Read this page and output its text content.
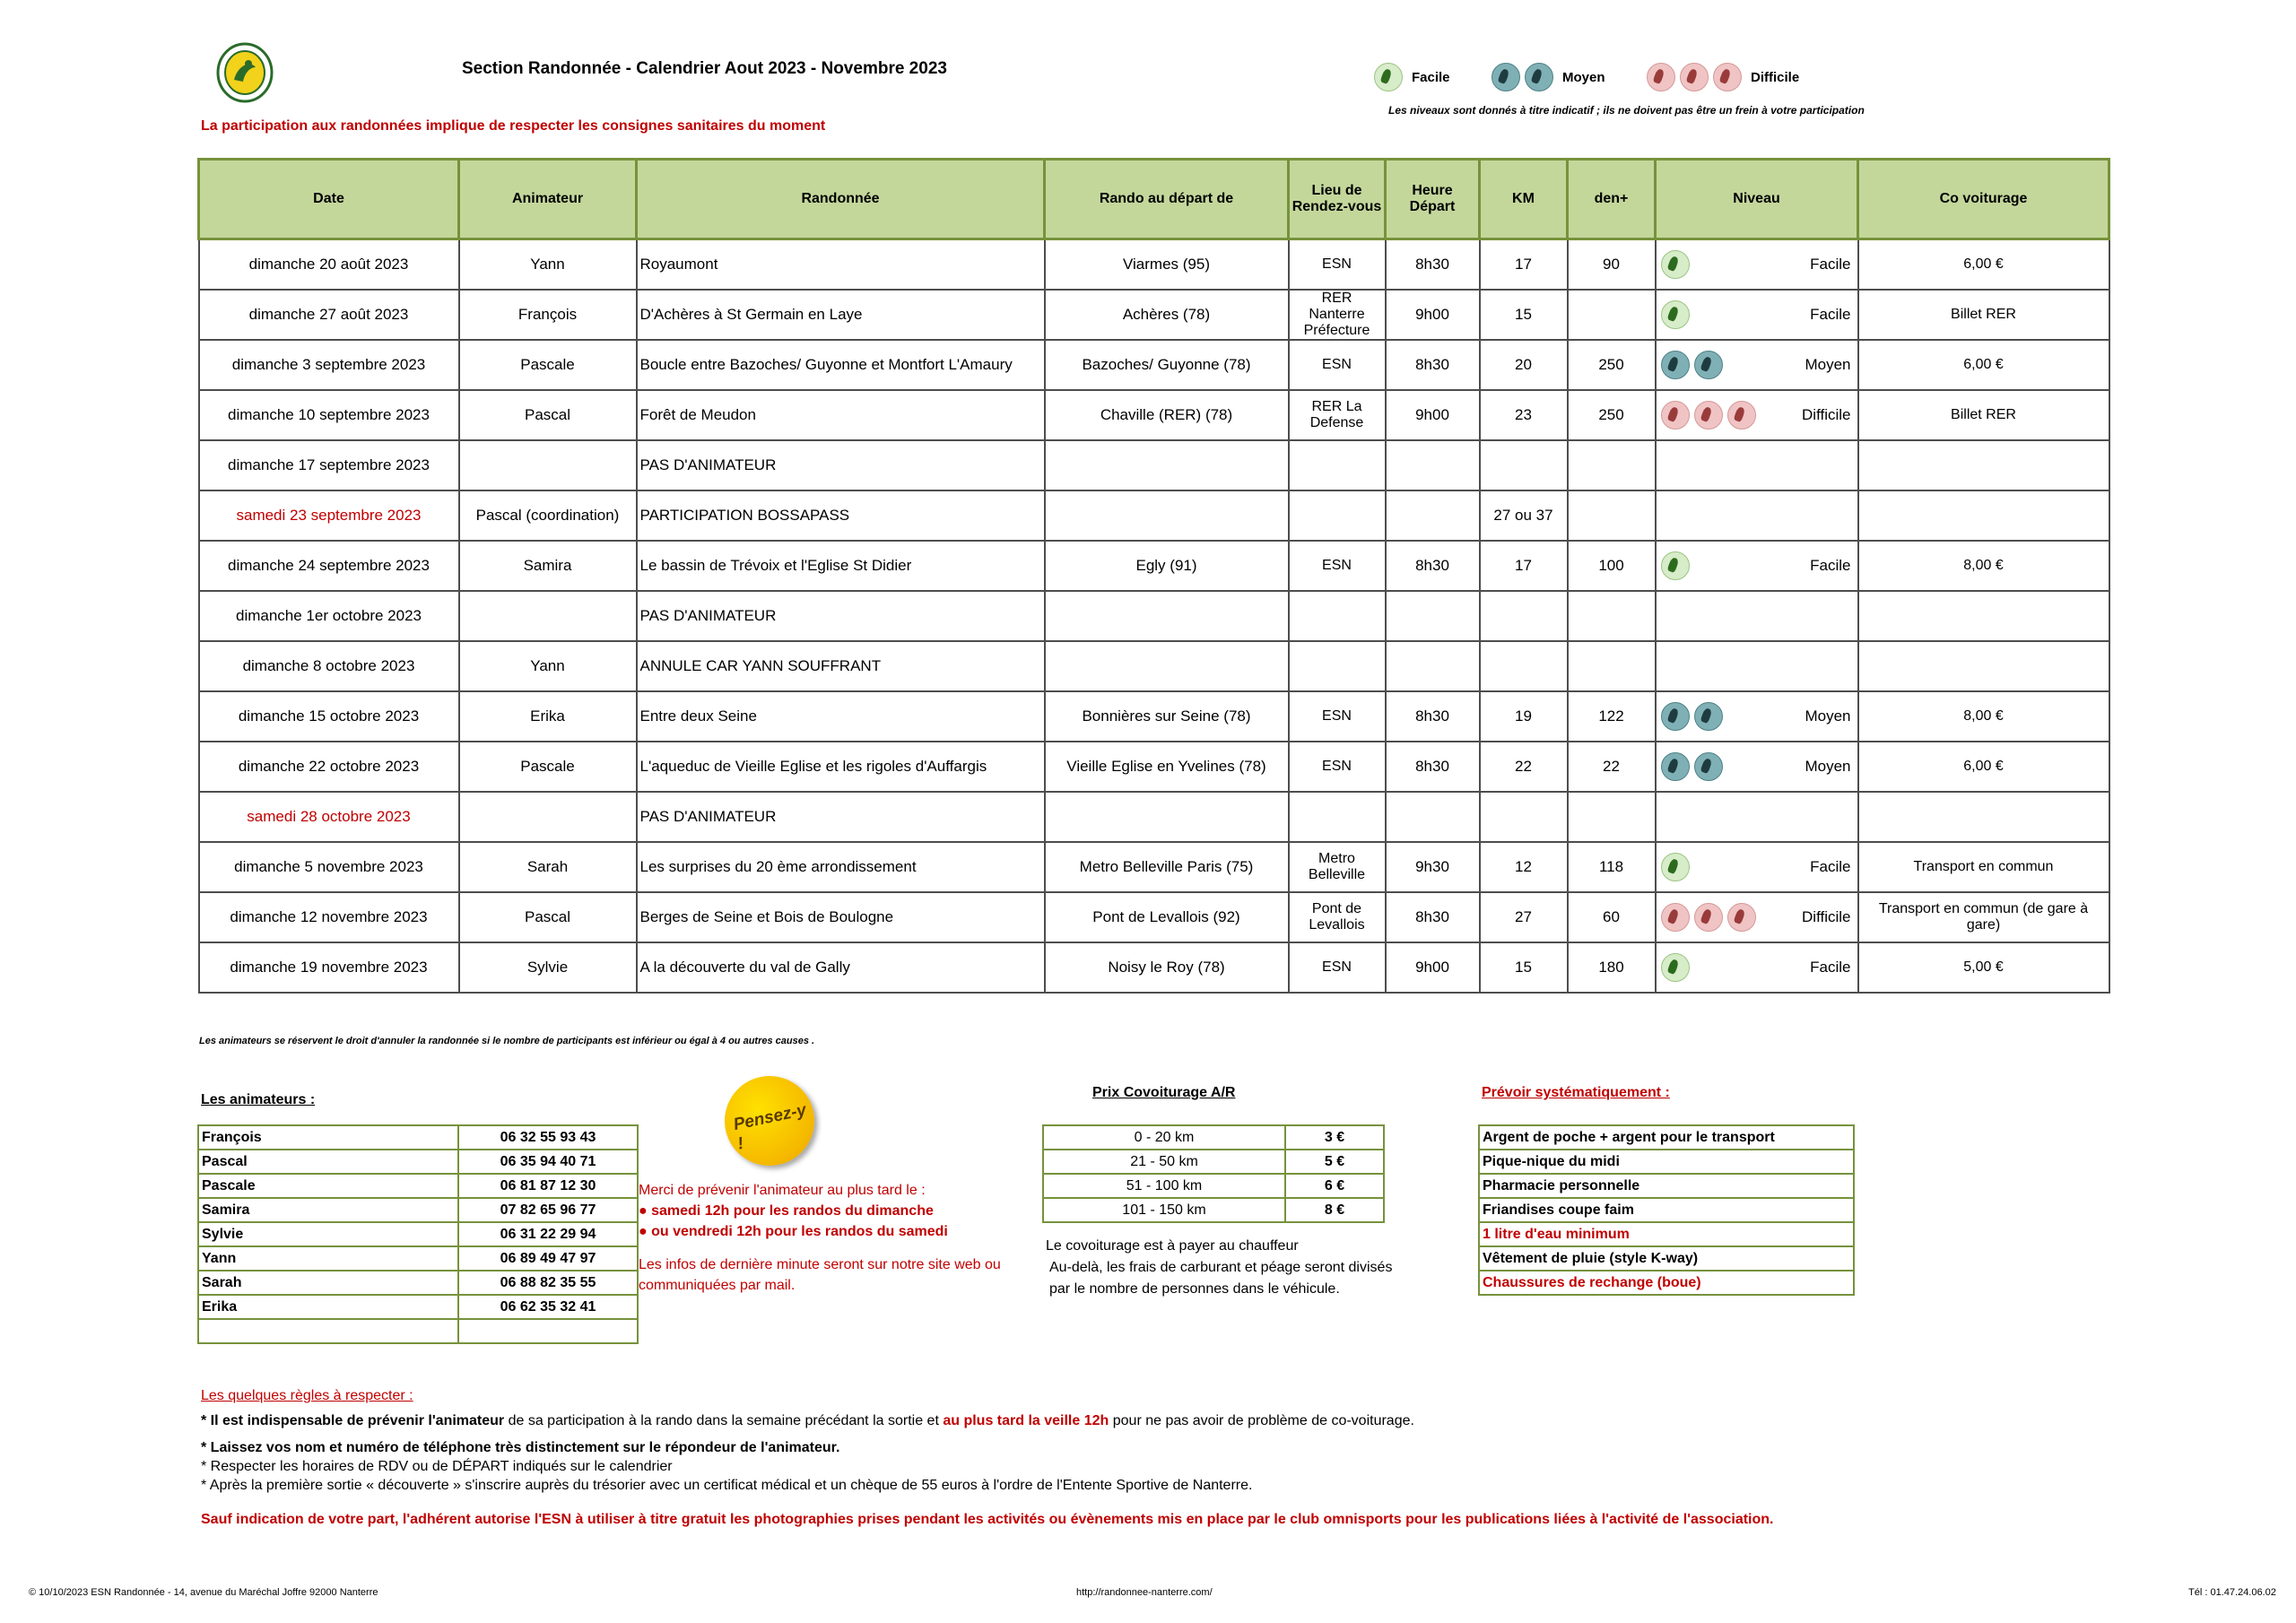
Section Randonnée - Calendrier Aout 2023 - Novembre 2023
La participation aux randonnées implique de respecter les consignes sanitaires du moment
Facile	Moyen	Difficile
Les niveaux sont donnés à titre indicatif ; ils ne doivent pas être un frein à votre participation
Date	Animateur	Randonnée	Rando au départ de	Lieu de Rendez-vous	Heure Départ	KM	den+	Niveau	Co voiturage
dimanche 20 août 2023	Yann	Royaumont	Viarmes (95)	ESN	8h30	17	90	Facile	6,00 €
dimanche 27 août 2023	François	D'Achères à St Germain en Laye	Achères (78)	RER Nanterre Préfecture	9h00	15		Facile	Billet RER
dimanche 3 septembre 2023	Pascale	Boucle entre Bazoches/ Guyonne et Montfort L'Amaury	Bazoches/ Guyonne (78)	ESN	8h30	20	250	Moyen	6,00 €
dimanche 10 septembre 2023	Pascal	Forêt de Meudon	Chaville (RER) (78)	RER La Defense	9h00	23	250	Difficile	Billet RER
dimanche 17 septembre 2023		PAS D'ANIMATEUR						

samedi 23 septembre 2023	Pascal (coordination)	PARTICIPATION BOSSAPASS				27 ou 37		

dimanche 24 septembre 2023	Samira	Le bassin de Trévoix et l'Eglise St Didier	Egly (91)	ESN	8h30	17	100	Facile	8,00 €
dimanche 1er octobre 2023		PAS D'ANIMATEUR						

dimanche 8 octobre 2023	Yann	ANNULE CAR YANN SOUFFRANT						

dimanche 15 octobre 2023	Erika	Entre deux Seine	Bonnières sur Seine (78)	ESN	8h30	19	122	Moyen	8,00 €
dimanche 22 octobre 2023	Pascale	L'aqueduc de Vieille Eglise et les rigoles d'Auffargis	Vieille Eglise en Yvelines (78)	ESN	8h30	22	22	Moyen	6,00 €
samedi 28 octobre 2023		PAS D'ANIMATEUR						

dimanche 5 novembre 2023	Sarah	Les surprises du 20 ème arrondissement	Metro Belleville Paris (75)	Metro Belleville	9h30	12	118	Facile	Transport en commun
dimanche 12 novembre 2023	Pascal	Berges de Seine et Bois de Boulogne	Pont de Levallois (92)	Pont de Levallois	8h30	27	60	Difficile	Transport en commun (de gare à gare)
dimanche 19 novembre 2023	Sylvie	A la découverte du val de Gally	Noisy le Roy (78)	ESN	9h00	15	180	Facile	5,00 €
Les animateurs se réservent le droit d'annuler la randonnée si le nombre de participants est inférieur ou égal à 4 ou autres causes .
Les animateurs :
François	06 32 55 93 43
Pascal	06 35 94 40 71
Pascale	06 81 87 12 30
Samira	07 82 65 96 77
Sylvie	06 31 22 29 94
Yann	06 89 49 47 97
Sarah	06 88 82 35 55
Erika	06 62 35 32 41

Pensez-y !
Merci de prévenir l'animateur au plus tard le :
● samedi 12h pour les randos du dimanche
● ou vendredi 12h pour les randos du samedi
Les infos de dernière minute seront sur notre site web ou communiquées par mail.
Prix Covoiturage A/R
0 - 20 km	3 €
21 - 50 km	5 €
51 - 100 km	6 €
101 - 150 km	8 €
Le covoiturage est à payer au chauffeur
Au-delà, les frais de carburant et péage seront divisés par le nombre de personnes dans le véhicule.
Prévoir systématiquement :
Argent de poche + argent pour le transport
Pique-nique du midi
Pharmacie personnelle
Friandises coupe faim
1 litre d'eau minimum
Vêtement de pluie (style K-way)
Chaussures de rechange (boue)
Les quelques règles à respecter :
* Il est indispensable de prévenir l'animateur de sa participation à la rando dans la semaine précédant la sortie et au plus tard la veille 12h pour ne pas avoir de problème de co-voiturage.
* Laissez vos nom et numéro de téléphone très distinctement sur le répondeur de l'animateur.
* Respecter les horaires de RDV ou de DÉPART indiqués sur le calendrier
* Après la première sortie « découverte » s'inscrire auprès du trésorier avec un certificat médical et un chèque de 55 euros à l'ordre de l'Entente Sportive de Nanterre.
Sauf indication de votre part, l'adhérent autorise l'ESN à utiliser à titre gratuit les photographies prises pendant les activités ou évènements mis en place par le club omnisports pour les publications liées à l'activité de l'association.
© 10/10/2023 ESN Randonnée - 14, avenue du Maréchal Joffre 92000 Nanterre	http://randonnee-nanterre.com/	Tél : 01.47.24.06.02
